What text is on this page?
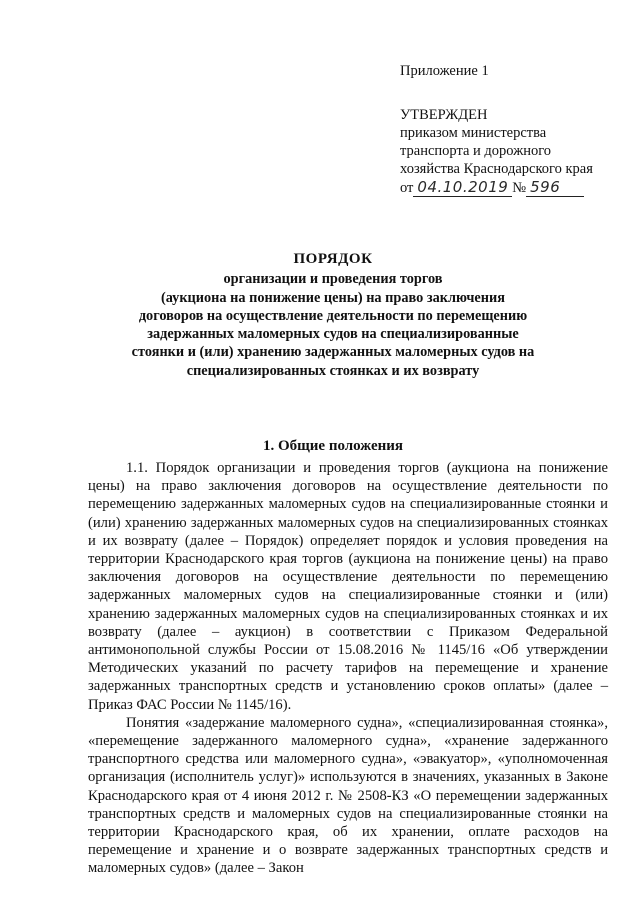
Приложение 1
УТВЕРЖДЕН
приказом министерства
транспорта и дорожного
хозяйства Краснодарского края
от 04.10.2019 № 596
ПОРЯДОК
организации и проведения торгов
(аукциона на понижение цены) на право заключения
договоров на осуществление деятельности по перемещению
задержанных маломерных судов на специализированные
стоянки и (или) хранению задержанных маломерных судов на
специализированных стоянках и их возврату
1. Общие положения

1.1. Порядок организации и проведения торгов (аукциона на понижение цены) на право заключения договоров на осуществление деятельности по перемещению задержанных маломерных судов на специализированные стоянки и (или) хранению задержанных маломерных судов на специализированных стоянках и их возврату (далее – Порядок) определяет порядок и условия проведения на территории Краснодарского края торгов (аукциона на понижение цены) на право заключения договоров на осуществление деятельности по перемещению задержанных маломерных судов на специализированные стоянки и (или) хранению задержанных маломерных судов на специализированных стоянках и их возврату (далее – аукцион) в соответствии с Приказом Федеральной антимонопольной службы России от 15.08.2016 № 1145/16 «Об утверждении Методических указаний по расчету тарифов на перемещение и хранение задержанных транспортных средств и установлению сроков оплаты» (далее – Приказ ФАС России № 1145/16).

Понятия «задержание маломерного судна», «специализированная стоянка», «перемещение задержанного маломерного судна», «хранение задержанного транспортного средства или маломерного судна», «эвакуатор», «уполномоченная организация (исполнитель услуг)» используются в значениях, указанных в Законе Краснодарского края от 4 июня 2012 г. № 2508-КЗ «О перемещении задержанных транспортных средств и маломерных судов на специализированные стоянки на территории Краснодарского края, об их хранении, оплате расходов на перемещение и хранение и о возврате задержанных транспортных средств и маломерных судов» (далее – Закон
